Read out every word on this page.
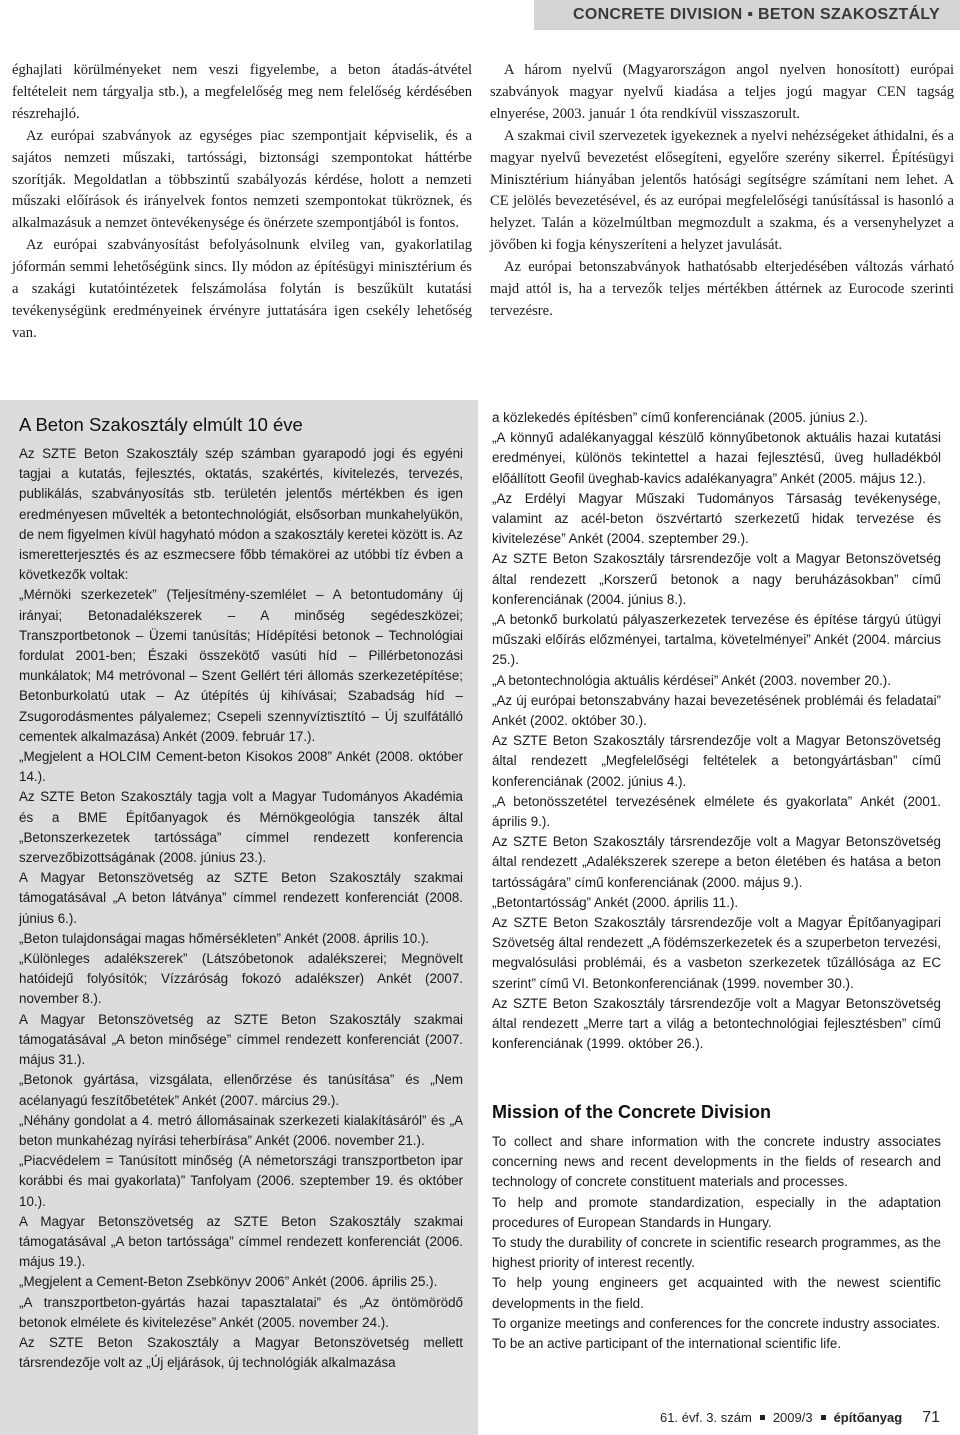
CONCRETE DIVISION ▪ BETON SZAKOSZTÁLY

éghajlati körülményeket nem veszi figyelembe, a beton átadás-átvétel feltételeit nem tárgyalja stb.), a megfelelőség meg nem felelőség kérdésében részrehajló.

Az európai szabványok az egységes piac szempontjait képviselik, és a sajátos nemzeti műszaki, tartóssági, biztonsági szempontokat háttérbe szorítják. Megoldatlan a többszintű szabályozás kérdése, holott a nemzeti műszaki előírások és irányelvek fontos nemzeti szempontokat tükröznek, és alkalmazásuk a nemzet öntevékenysége és önérzete szempontjából is fontos.

Az európai szabványosítást befolyásolnunk elvileg van, gyakorlatilag jóformán semmi lehetőségünk sincs. Ily módon az építésügyi minisztérium és a szakági kutatóintézetek felszámolása folytán is beszűkült kutatási tevékenységünk eredményeinek érvényre juttatására igen csekély lehetőség van.

A három nyelvű (Magyarországon angol nyelven honosított) európai szabványok magyar nyelvű kiadása a teljes jogú magyar CEN tagság elnyerése, 2003. január 1 óta rendkívül visszaszorult.

A szakmai civil szervezetek igyekeznek a nyelvi nehézségeket áthidalni, és a magyar nyelvű bevezetést elősegíteni, egyelőre szerény sikerrel. Építésügyi Minisztérium hiányában jelentős hatósági segítségre számítani nem lehet. A CE jelölés bevezetésével, és az európai megfelelőségi tanúsítással is hasonló a helyzet. Talán a közelmúltban megmozdult a szakma, és a versenyhelyzet a jövőben ki fogja kényszeríteni a helyzet javulását.

Az európai betonszabványok hathatósabb elterjedésében változás várható majd attól is, ha a tervezők teljes mértékben áttérnek az Eurocode szerinti tervezésre.

A Beton Szakosztály elmúlt 10 éve

Az SZTE Beton Szakosztály szép számban gyarapodó jogi és egyéni tagjai a kutatás, fejlesztés, oktatás, szakértés, kivitelezés, tervezés, publikálás, szabványosítás stb. területén jelentős mértékben és igen eredményesen művelték a betontechnológiát, elsősorban munkahelyükön, de nem figyelmen kívül hagyható módon a szakosztály keretei között is. Az ismeretterjesztés és az eszmecsere főbb témakörei az utóbbi tíz évben a következők voltak:

„Mérnöki szerkezetek” (Teljesítmény-szemlélet – A betontudomány új irányai; Betonadalékszerek – A minőség segédeszközei; Transzportbetonok – Üzemi tanúsítás; Hídépítési betonok – Technológiai fordulat 2001-ben; Északi összekötő vasúti híd – Pillérbetonozási munkálatok; M4 metróvonal – Szent Gellért téri állomás szerkezetépítése; Betonburkolatú utak – Az útépítés új kihívásai; Szabadság híd – Zsugorodásmentes pályalemez; Csepeli szennyvíztisztító – Új szulfátálló cementek alkalmazása) Ankét (2009. február 17.).

„Megjelent a HOLCIM Cement-beton Kisokos 2008” Ankét (2008. október 14.).

Az SZTE Beton Szakosztály tagja volt a Magyar Tudományos Akadémia és a BME Építőanyagok és Mérnökgeológia tanszék által „Betonszerkezetek tartóssága” címmel rendezett konferencia szervezőbizottságának (2008. június 23.).

A Magyar Betonszövetség az SZTE Beton Szakosztály szakmai támogatásával „A beton látványa” címmel rendezett konferenciát (2008. június 6.).

„Beton tulajdonságai magas hőmérsékleten” Ankét (2008. április 10.).

„Különleges adalékszerek” (Látszóbetonok adalékszerei; Megnövelt hatóidejű folyósítók; Vízzáróság fokozó adalékszer) Ankét (2007. november 8.).

A Magyar Betonszövetség az SZTE Beton Szakosztály szakmai támogatásával „A beton minősége” címmel rendezett konferenciát (2007. május 31.).

„Betonok gyártása, vizsgálata, ellenőrzése és tanúsítása” és „Nem acélanyagú feszítőbetétek” Ankét (2007. március 29.).

„Néhány gondolat a 4. metró állomásainak szerkezeti kialakításáról” és „A beton munkahézag nyírási teherbírása” Ankét (2006. november 21.).

„Piacvédelem = Tanúsított minőség (A németországi transzportbeton ipar korábbi és mai gyakorlata)” Tanfolyam (2006. szeptember 19. és október 10.).

A Magyar Betonszövetség az SZTE Beton Szakosztály szakmai támogatásával „A beton tartóssága” címmel rendezett konferenciát (2006. május 19.).

„Megjelent a Cement-Beton Zsebkönyv 2006” Ankét (2006. április 25.).

„A transzportbeton-gyártás hazai tapasztalatai” és „Az öntömörödő betonok elmélete és kivitelezése” Ankét (2005. november 24.).

Az SZTE Beton Szakosztály a Magyar Betonszövetség mellett társrendezője volt az „Új eljárások, új technológiák alkalmazása

a közlekedés építésben” című konferenciának (2005. június 2.).

„A könnyű adalékanyaggal készülő könnyűbetonok aktuális hazai kutatási eredményei, különös tekintettel a hazai fejlesztésű, üveg hulladékból előállított Geofil üveghab-kavics adalékanyagra” Ankét (2005. május 12.).

„Az Erdélyi Magyar Műszaki Tudományos Társaság tevékenysége, valamint az acél-beton öszvértartó szerkezetű hidak tervezése és kivitelezése” Ankét (2004. szeptember 29.).

Az SZTE Beton Szakosztály társrendezője volt a Magyar Betonszövetség által rendezett „Korszerű betonok a nagy beruházásokban” című konferenciának (2004. június 8.).

„A betonkő burkolatú pályaszerkezetek tervezése és építése tárgyú útügyi műszaki előírás előzményei, tartalma, követelményei” Ankét (2004. március 25.).

„A betontechnológia aktuális kérdései” Ankét (2003. november 20.).

„Az új európai betonszabvány hazai bevezetésének problémái és feladatai” Ankét (2002. október 30.).

Az SZTE Beton Szakosztály társrendezője volt a Magyar Betonszövetség által rendezett „Megfelelőségi feltételek a betongyártásban” című konferenciának (2002. június 4.).

„A betonösszetétel tervezésének elmélete és gyakorlata” Ankét (2001. április 9.).

Az SZTE Beton Szakosztály társrendezője volt a Magyar Betonszövetség által rendezett „Adalékszerek szerepe a beton életében és hatása a beton tartósságára” című konferenciának (2000. május 9.).

„Betontartósság” Ankét (2000. április 11.).

Az SZTE Beton Szakosztály társrendezője volt a Magyar Építőanyagipari Szövetség által rendezett „A födémszerkezetek és a szuperbeton tervezési, megvalósulási problémái, és a vasbeton szerkezetek tűzállósága az EC szerint” című VI. Betonkonferenciának (1999. november 30.).

Az SZTE Beton Szakosztály társrendezője volt a Magyar Betonszövetség által rendezett „Merre tart a világ a betontechnológiai fejlesztésben” című konferenciának (1999. október 26.).

Mission of the Concrete Division

To collect and share information with the concrete industry associates concerning news and recent developments in the fields of research and technology of concrete constituent materials and processes.

To help and promote standardization, especially in the adaptation procedures of European Standards in Hungary.

To study the durability of concrete in scientific research programmes, as the highest priority of interest recently.

To help young engineers get acquainted with the newest scientific developments in the field.

To organize meetings and conferences for the concrete industry associates.

To be an active participant of the international scientific life.

61. évf. 3. szám 2009/3 építőanyag 71
